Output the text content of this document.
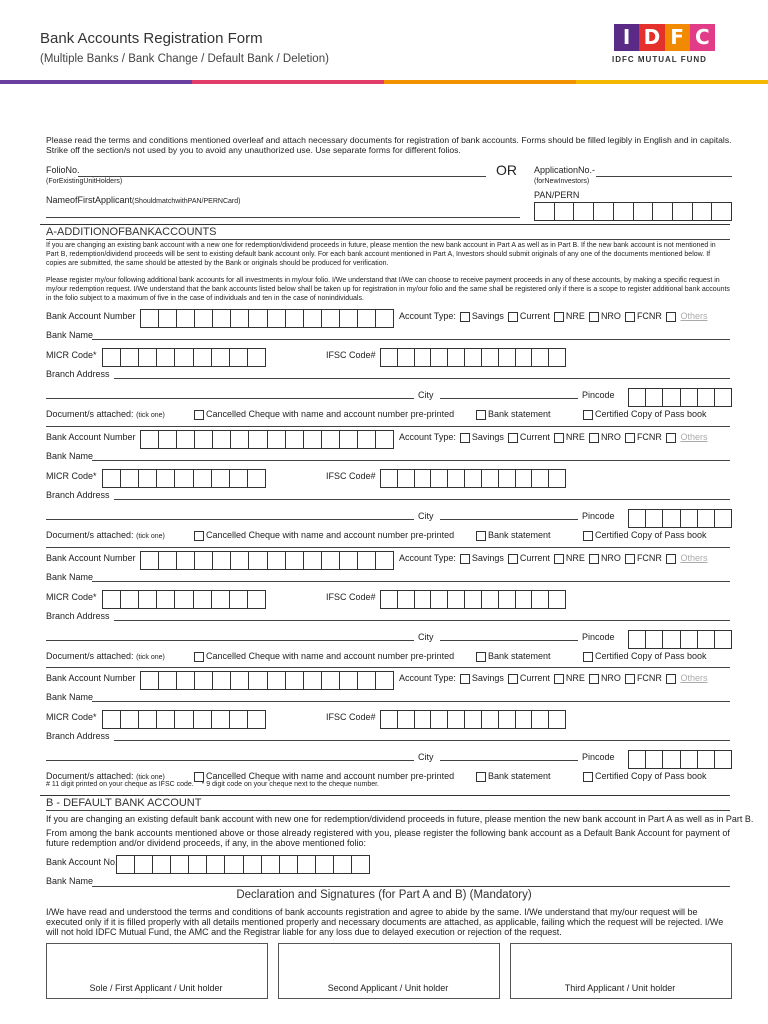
Bank Accounts Registration Form
(Multiple Banks / Bank Change / Default Bank / Deletion)
I D F C
IDFC MUTUAL FUND
Please read the terms and conditions mentioned overleaf and attach necessary documents for registration of bank accounts. Forms should be filled legibly in English and in capitals. Strike off the section/s not used by you to avoid any unauthorized use. Use separate forms for different folios.
FolioNo.
(ForExistingUnitHolders)
OR ApplicationNo.-
(forNewInvestors)
PAN/PERN
NameofFirstApplicant(ShouldmatchwithPAN/PERNCard)
A-ADDITIONOFBANKACCOUNTS
If you are changing an existing bank account with a new one for redemption/dividend proceeds in future, please mention the new bank account in Part A as well as in Part B. If the new bank account is not mentioned in Part B, redemption/dividend proceeds will be sent to existing default bank account only. For each bank account mentioned in Part A, Investors should submit originals of any one of the documents mentioned below. If copies are submitted, the same should be attested by the Bank or originals should be produced for verification.
Please register my/our following additional bank accounts for all investments in my/our folio. I/We understand that I/We can choose to receive payment proceeds in any of these accounts, by making a specific request in my/our redemption request. I/We understand that the bank accounts listed below shall be taken up for registration in my/our folio and the same shall be registered only if there is a scope to register additional bank accounts in the folio subject to a maximum of five in the case of individuals and ten in the case of nonindividuals.
Bank Account Number	Account Type: Savings Current NRE NRO FCNR Others
Bank Name
MICR Code*	IFSC Code#
Branch Address
City	Pincode
Document/s attached: (tick one)	Cancelled Cheque with name and account number pre-printed	Bank statement	Certified Copy of Pass book
Bank Account Number	Account Type: Savings Current NRE NRO FCNR Others
Bank Name
MICR Code*	IFSC Code#
Branch Address
City	Pincode
Document/s attached: (tick one)	Cancelled Cheque with name and account number pre-printed	Bank statement	Certified Copy of Pass book
Bank Account Number	Account Type: Savings Current NRE NRO FCNR Others
Bank Name
MICR Code*	IFSC Code#
Branch Address
City	Pincode
Document/s attached: (tick one)	Cancelled Cheque with name and account number pre-printed	Bank statement	Certified Copy of Pass book
Bank Account Number	Account Type: Savings Current NRE NRO FCNR Others
Bank Name
MICR Code*	IFSC Code#
Branch Address
City	Pincode
Document/s attached: (tick one)	Cancelled Cheque with name and account number pre-printed	Bank statement	Certified Copy of Pass book
# 11 digit printed on your cheque as IFSC code. * 9 digit code on your cheque next to the cheque number.
B - DEFAULT BANK ACCOUNT
If you are changing an existing default bank account with new one for redemption/dividend proceeds in future, please mention the new bank account in Part A as well as in Part B.
From among the bank accounts mentioned above or those already registered with you, please register the following bank account as a Default Bank Account for payment of future redemption and/or dividend proceeds, if any, in the above mentioned folio:
Bank Account No.
Bank Name
Declaration and Signatures (for Part A and B) (Mandatory)
I/We have read and understood the terms and conditions of bank accounts registration and agree to abide by the same. I/We understand that my/our request will be executed only if it is filled properly with all details mentioned properly and necessary documents are attached, as applicable, failing which the request will be rejected. I/We will not hold IDFC Mutual Fund, the AMC and the Registrar liable for any loss due to delayed execution or rejection of the request.
Sole / First Applicant / Unit holder	Second Applicant / Unit holder	Third Applicant / Unit holder
